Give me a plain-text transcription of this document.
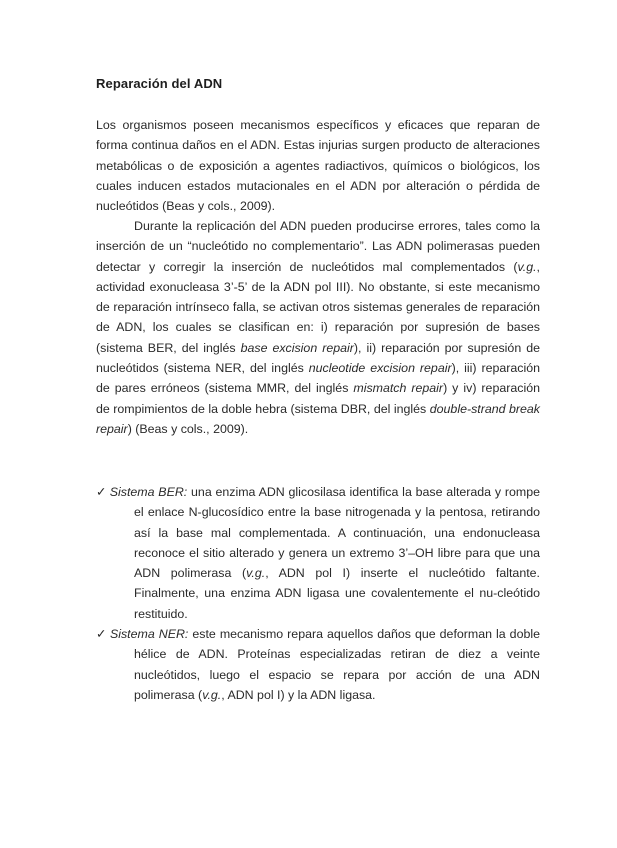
Reparación del ADN
Los organismos poseen mecanismos específicos y eficaces que reparan de forma continua daños en el ADN. Estas injurias surgen producto de alteraciones metabólicas o de exposición a agentes radiactivos, químicos o biológicos, los cuales inducen estados mutacionales en el ADN por alteración o pérdida de nucleótidos (Beas y cols., 2009).
Durante la replicación del ADN pueden producirse errores, tales como la inserción de un “nucleótido no complementario”. Las ADN polimerasas pueden detectar y corregir la inserción de nucleótidos mal complementados (v.g., actividad exonucleasa 3’-5’ de la ADN pol III). No obstante, si este mecanismo de reparación intrínseco falla, se activan otros sistemas generales de reparación de ADN, los cuales se clasifican en: i) reparación por supresión de bases (sistema BER, del inglés base excision repair), ii) reparación por supresión de nucleótidos (sistema NER, del inglés nucleotide excision repair), iii) reparación de pares erróneos (sistema MMR, del inglés mismatch repair) y iv) reparación de rompimientos de la doble hebra (sistema DBR, del inglés double-strand break repair) (Beas y cols., 2009).
✓ Sistema BER: una enzima ADN glicosilasa identifica la base alterada y rompe el enlace N-glucosídico entre la base nitrogenada y la pentosa, retirando así la base mal complementada. A continuación, una endonucleasa reconoce el sitio alterado y genera un extremo 3’–OH libre para que una ADN polimerasa (v.g., ADN pol I) inserte el nucleótido faltante. Finalmente, una enzima ADN ligasa une covalentemente el nu-cleótido restituido.
✓ Sistema NER: este mecanismo repara aquellos daños que deforman la doble hélice de ADN. Proteínas especializadas retiran de diez a veinte nucleótidos, luego el espacio se repara por acción de una ADN polimerasa (v.g., ADN pol I) y la ADN ligasa.
